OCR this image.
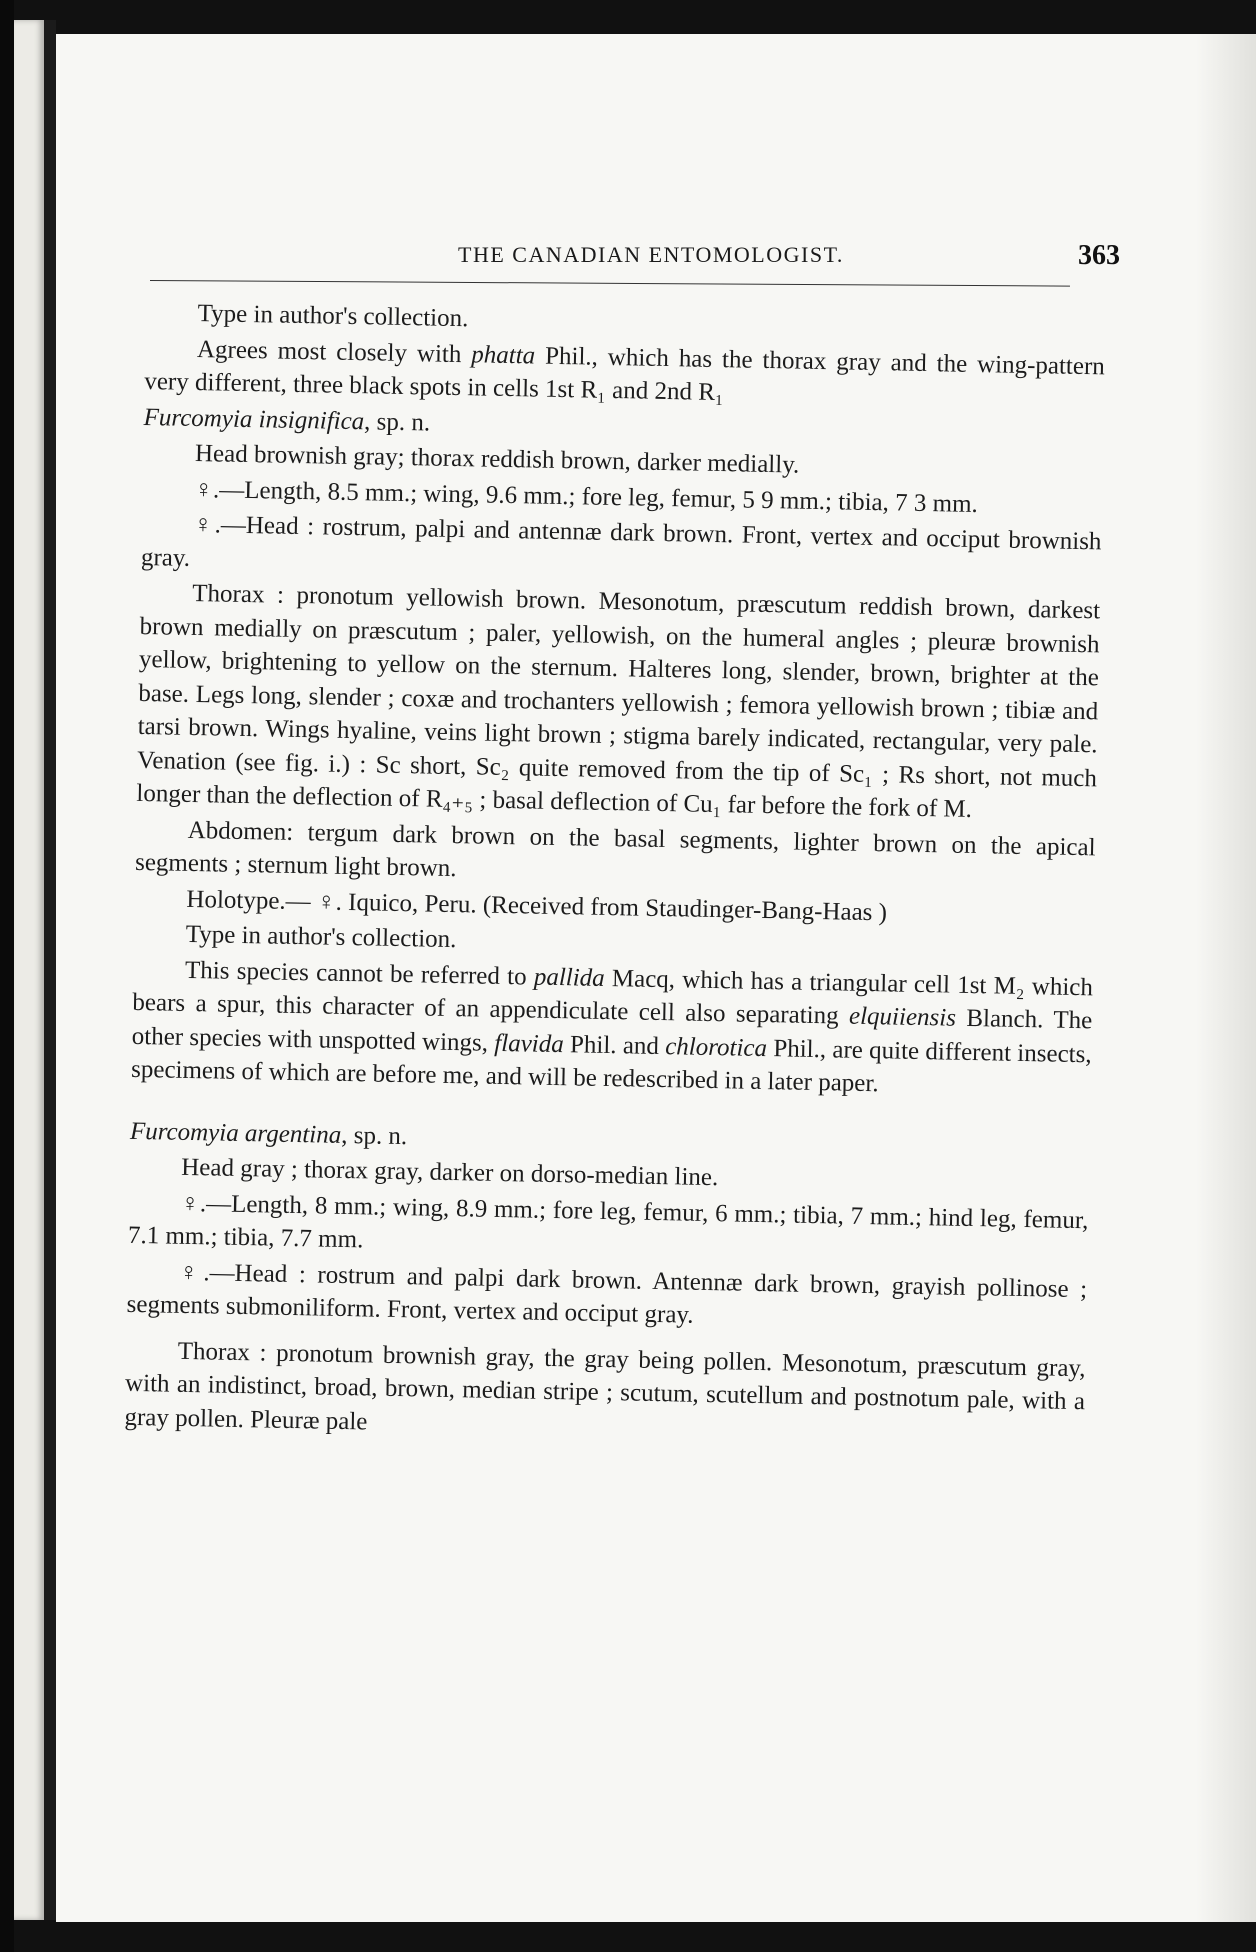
THE CANADIAN ENTOMOLOGIST.	363

Type in author's collection.

Agrees most closely with phatta Phil., which has the thorax gray and the wing-pattern very different, three black spots in cells 1st R₁ and 2nd R₁

Furcomyia insignifica, sp. n.

Head brownish gray; thorax reddish brown, darker medially.

♀.—Length, 8.5 mm.; wing, 9.6 mm.; fore leg, femur, 5 9 mm.; tibia, 7 3 mm.

♀.—Head : rostrum, palpi and antennæ dark brown. Front, vertex and occiput brownish gray.

Thorax : pronotum yellowish brown. Mesonotum, præscutum reddish brown, darkest brown medially on præscutum ; paler, yellowish, on the humeral angles ; pleuræ brownish yellow, brightening to yellow on the sternum. Halteres long, slender, brown, brighter at the base. Legs long, slender ; coxæ and trochanters yellowish ; femora yellowish brown ; tibiæ and tarsi brown. Wings hyaline, veins light brown ; stigma barely indicated, rectangular, very pale. Venation (see fig. i.) : Sc short, Sc₂ quite removed from the tip of Sc₁ ; Rs short, not much longer than the deflection of R₄₊₅ ; basal deflection of Cu₁ far before the fork of M.

Abdomen: tergum dark brown on the basal segments, lighter brown on the apical segments ; sternum light brown.

Holotype.— ♀. Iquico, Peru. (Received from Staudinger-Bang-Haas )

Type in author's collection.

This species cannot be referred to pallida Macq, which has a triangular cell 1st M₂ which bears a spur, this character of an appendiculate cell also separating elquiiensis Blanch. The other species with unspotted wings, flavida Phil. and chlorotica Phil., are quite different insects, specimens of which are before me, and will be redescribed in a later paper.

Furcomyia argentina, sp. n.

Head gray ; thorax gray, darker on dorso-median line.

♀.—Length, 8 mm.; wing, 8.9 mm.; fore leg, femur, 6 mm.; tibia, 7 mm.; hind leg, femur, 7.1 mm.; tibia, 7.7 mm.

♀.—Head : rostrum and palpi dark brown. Antennæ dark brown, grayish pollinose ; segments submoniliform. Front, vertex and occiput gray.

Thorax : pronotum brownish gray, the gray being pollen. Mesonotum, præscutum gray, with an indistinct, broad, brown, median stripe ; scutum, scutellum and postnotum pale, with a gray pollen. Pleuræ pale
